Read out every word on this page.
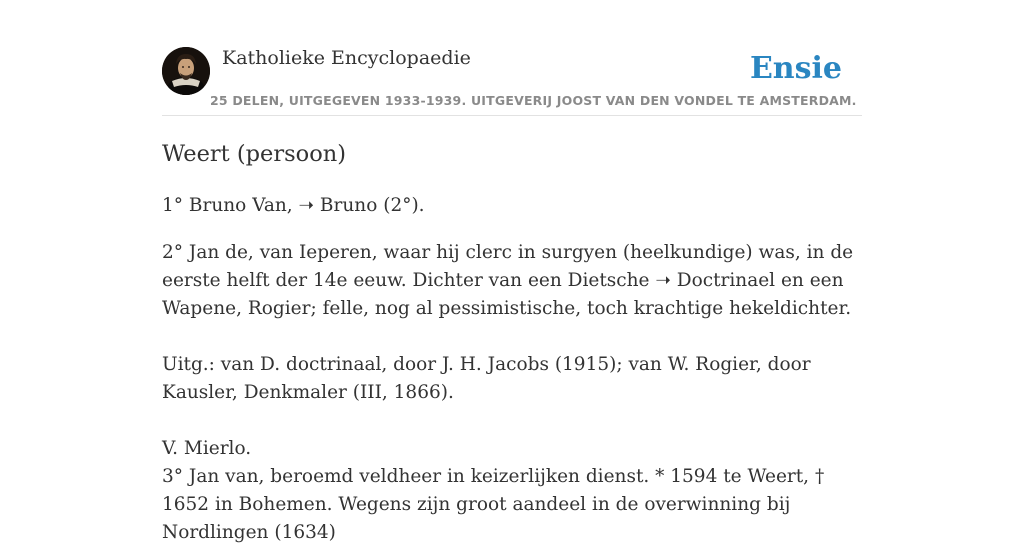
Katholieke Encyclopaedie	Ensie
25 DELEN, UITGEGEVEN 1933-1939. UITGEVERIJ JOOST VAN DEN VONDEL TE AMSTERDAM.
Weert (persoon)

1° Bruno Van, ➝ Bruno (2°).

2° Jan de, van Ieperen, waar hij clerc in surgyen (heelkundige) was, in de eerste helft der 14e eeuw. Dichter van een Dietsche ➝ Doctrinael en een Wapene, Rogier; felle, nog al pessimistische, toch krachtige hekeldichter.

Uitg.: van D. doctrinaal, door J. H. Jacobs (1915); van W. Rogier, door Kausler, Denkmaler (III, 1866).

V. Mierlo.

3° Jan van, beroemd veldheer in keizerlijken dienst. * 1594 te Weert, † 1652 in Bohemen. Wegens zijn groot aandeel in de overwinning bij Nordlingen (1634)
